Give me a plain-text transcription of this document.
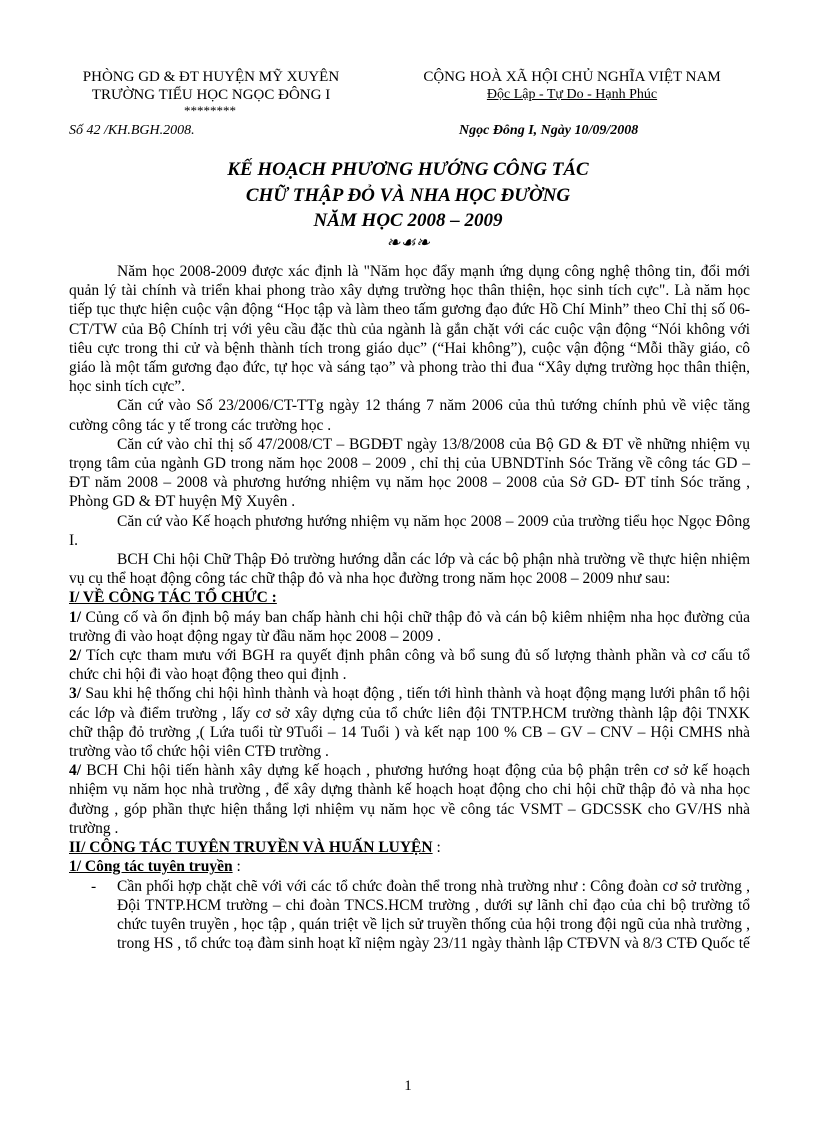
PHÒNG GD & ĐT HUYỆN MỸ XUYÊN
TRƯỜNG TIỂU HỌC NGỌC ĐÔNG I
********
CỘNG HOÀ XÃ HỘI CHỦ NGHĨA VIỆT NAM
Độc Lập - Tự Do - Hạnh Phúc
Số 42 /KH.BGH.2008.	Ngọc Đông I, Ngày 10/09/2008
KẾ HOẠCH PHƯƠNG HƯỚNG CÔNG TÁC
CHỮ THẬP ĐỎ VÀ NHA HỌC ĐƯỜNG
NĂM HỌC 2008 – 2009
❧☙❧

Năm học 2008-2009 được xác định là "Năm học đẩy mạnh ứng dụng công nghệ thông tin, đổi mới quản lý tài chính và triển khai phong trào xây dựng trường học thân thiện, học sinh tích cực". Là năm học tiếp tục thực hiện cuộc vận động “Học tập và làm theo tấm gương đạo đức Hồ Chí Minh” theo Chỉ thị số 06-CT/TW của Bộ Chính trị với yêu cầu đặc thù của ngành là gắn chặt với các cuộc vận động “Nói không với tiêu cực trong thi cử và bệnh thành tích trong giáo dục” (“Hai không”), cuộc vận động “Mỗi thầy giáo, cô giáo là một tấm gương đạo đức, tự học và sáng tạo” và phong trào thi đua “Xây dựng trường học thân thiện, học sinh tích cực”.

Căn cứ vào Số 23/2006/CT-TTg ngày 12 tháng 7 năm 2006 của thủ tướng chính phủ về việc tăng cường công tác y tế trong các trường học .

Căn cứ vào chỉ thị số 47/2008/CT – BGDĐT ngày 13/8/2008 của Bộ GD & ĐT về những nhiệm vụ trọng tâm của ngành GD trong năm học 2008 – 2009 , chỉ thị của UBNDTỉnh Sóc Trăng về công tác GD – ĐT năm 2008 – 2008 và phương hướng nhiệm vụ năm học 2008 – 2008 của Sở GD- ĐT tỉnh Sóc trăng , Phòng GD & ĐT huyện Mỹ Xuyên .

Căn cứ vào Kế hoạch phương hướng nhiệm vụ năm học 2008 – 2009 của trường tiểu học Ngọc Đông I.

BCH Chi hội Chữ Thập Đỏ trường hướng dẫn các lớp và các bộ phận nhà trường về thực hiện nhiệm vụ cụ thể hoạt động công tác chữ thập đỏ và nha học đường trong năm học 2008 – 2009 như sau:

I/ VỀ CÔNG TÁC TỔ CHỨC :

1/ Củng cố và ổn định bộ máy ban chấp hành chi hội chữ thập đỏ và cán bộ kiêm nhiệm nha học đường của trường đi vào hoạt động ngay từ đầu năm học 2008 – 2009 .

2/ Tích cực tham mưu với BGH ra quyết định phân công và bổ sung đủ số lượng thành phần và cơ cấu tổ chức chi hội đi vào hoạt động theo qui định .

3/ Sau khi hệ thống chi hội hình thành và hoạt động , tiến tới hình thành và hoạt động mạng lưới phân tổ hội các lớp và điểm trường , lấy cơ sở xây dựng của tổ chức liên đội TNTP.HCM trường thành lập đội TNXK chữ thập đỏ trường ,( Lứa tuổi từ 9Tuổi – 14 Tuổi ) và kết nạp 100 % CB – GV – CNV – Hội CMHS nhà trường vào tổ chức hội viên CTĐ trường .

4/ BCH Chi hội tiến hành xây dựng kế hoạch , phương hướng hoạt động của bộ phận trên cơ sở kế hoạch nhiệm vụ năm học nhà trường , để xây dựng thành kế hoạch hoạt động cho chi hội chữ thập đỏ và nha học đường , góp phần thực hiện thắng lợi nhiệm vụ năm học về công tác VSMT – GDCSSK cho GV/HS nhà trường .

II/ CÔNG TÁC TUYÊN TRUYỀN VÀ HUẤN LUYỆN :

1/ Công tác tuyên truyền :

-	Cần phối hợp chặt chẽ với với các tổ chức đoàn thể trong nhà trường như : Công đoàn cơ sở trường , Đội TNTP.HCM trường – chi đoàn TNCS.HCM trường , dưới sự lãnh chỉ đạo của chi bộ trường tổ chức tuyên truyền , học tập , quán triệt về lịch sử truyền thống của hội trong đội ngũ của nhà trường , trong HS , tổ chức toạ đàm sinh hoạt kĩ niệm ngày 23/11 ngày thành lập CTĐVN và 8/3 CTĐ Quốc tế
1
